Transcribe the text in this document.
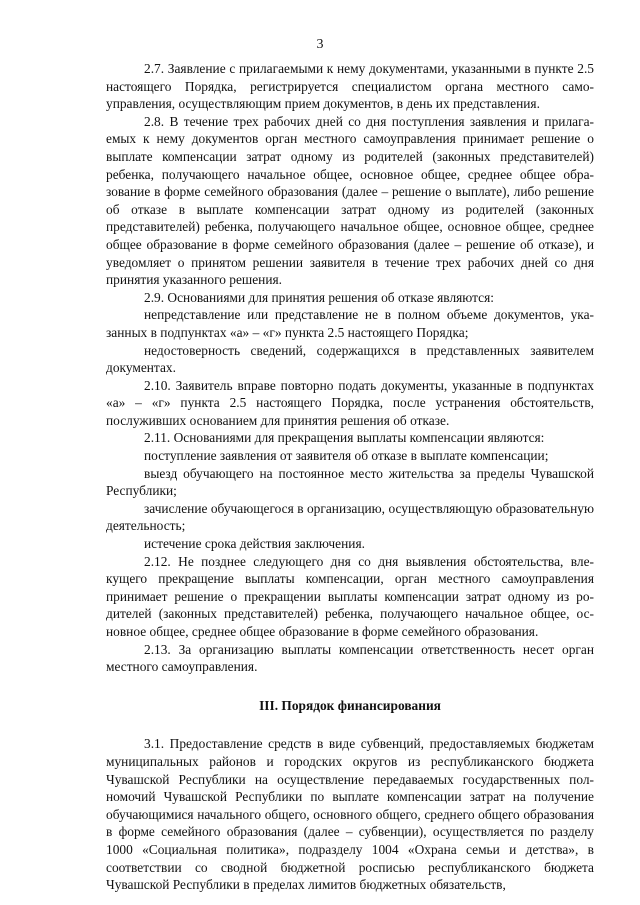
3

2.7. Заявление с прилагаемыми к нему документами, указанными в пункте 2.5 настоящего Порядка, регистрируется специалистом органа местного самоуправления, осуществляющим прием документов, в день их представления.

2.8. В течение трех рабочих дней со дня поступления заявления и прилагаемых к нему документов орган местного самоуправления принимает решение о выплате компенсации затрат одному из родителей (законных представителей) ребенка, получающего начальное общее, основное общее, среднее общее образование в форме семейного образования (далее – решение о выплате), либо решение об отказе в выплате компенсации затрат одному из родителей (законных представителей) ребенка, получающего начальное общее, основное общее, среднее общее образование в форме семейного образования (далее – решение об отказе), и уведомляет о принятом решении заявителя в течение трех рабочих дней со дня принятия указанного решения.

2.9. Основаниями для принятия решения об отказе являются:

непредставление или представление не в полном объеме документов, указанных в подпунктах «а» – «г» пункта 2.5 настоящего Порядка;

недостоверность сведений, содержащихся в представленных заявителем документах.

2.10. Заявитель вправе повторно подать документы, указанные в подпунктах «а» – «г» пункта 2.5 настоящего Порядка, после устранения обстоятельств, послуживших основанием для принятия решения об отказе.

2.11. Основаниями для прекращения выплаты компенсации являются:

поступление заявления от заявителя об отказе в выплате компенсации;

выезд обучающего на постоянное место жительства за пределы Чувашской Республики;

зачисление обучающегося в организацию, осуществляющую образовательную деятельность;

истечение срока действия заключения.

2.12. Не позднее следующего дня со дня выявления обстоятельства, влекущего прекращение выплаты компенсации, орган местного самоуправления принимает решение о прекращении выплаты компенсации затрат одному из родителей (законных представителей) ребенка, получающего начальное общее, основное общее, среднее общее образование в форме семейного образования.

2.13. За организацию выплаты компенсации ответственность несет орган местного самоуправления.

III. Порядок финансирования

3.1. Предоставление средств в виде субвенций, предоставляемых бюджетам муниципальных районов и городских округов из республиканского бюджета Чувашской Республики на осуществление передаваемых государственных полномочий Чувашской Республики по выплате компенсации затрат на получение обучающимися начального общего, основного общего, среднего общего образования в форме семейного образования (далее – субвенции), осуществляется по разделу 1000 «Социальная политика», подразделу 1004 «Охрана семьи и детства», в соответствии со сводной бюджетной росписью республиканского бюджета Чувашской Республики в пределах лимитов бюджетных обязательств,
